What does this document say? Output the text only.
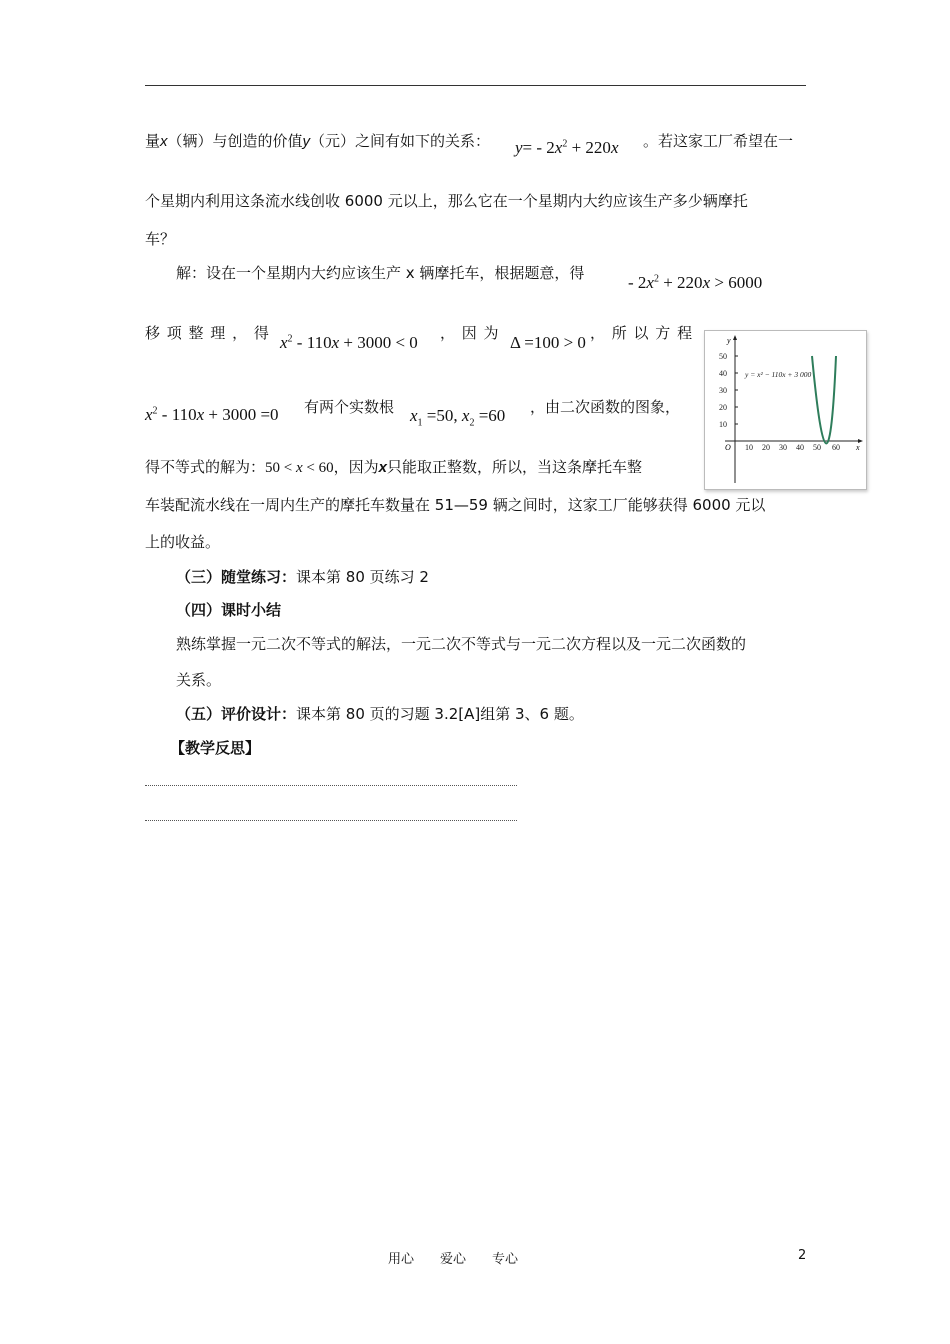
量x（辆）与创造的价值y（元）之间有如下的关系： $y= - 2x^2 + 220x$ 。若这家工厂希望在一
个星期内利用这条流水线创收 6000 元以上，那么它在一个星期内大约应该生产多少辆摩托
车？
解：设在一个星期内大约应该生产 x 辆摩托车，根据题意，得	- $2x^2 + 220x > 6000$
移 项 整 理 ， 得 $x^2 - 110x + 3000 < 0$ ， 因 为 Δ =100 > 0 ， 所 以 方 程
$x^2 - 110x + 3000 =0$ 有两个实数根 $x_1 =50$, $x_2 =60$ ，由二次函数的图象，
得不等式的解为：50 < x < 60，因为x只能取正整数，所以，当这条摩托车整
车装配流水线在一周内生产的摩托车数量在 51—59 辆之间时，这家工厂能够获得 6000 元以
上的收益。
（三）随堂练习：课本第 80 页练习 2
（四）课时小结
熟练掌握一元二次不等式的解法，一元二次不等式与一元二次方程以及一元二次函数的
关系。
（五）评价设计：课本第 80 页的习题 3.2[A]组第 3、6 题。
【教学反思】
y
x
O
50
40
30
20
10
10 20 30 40 50 60
y = x² − 110x + 3 000
用心　　爱心　　专心	2
